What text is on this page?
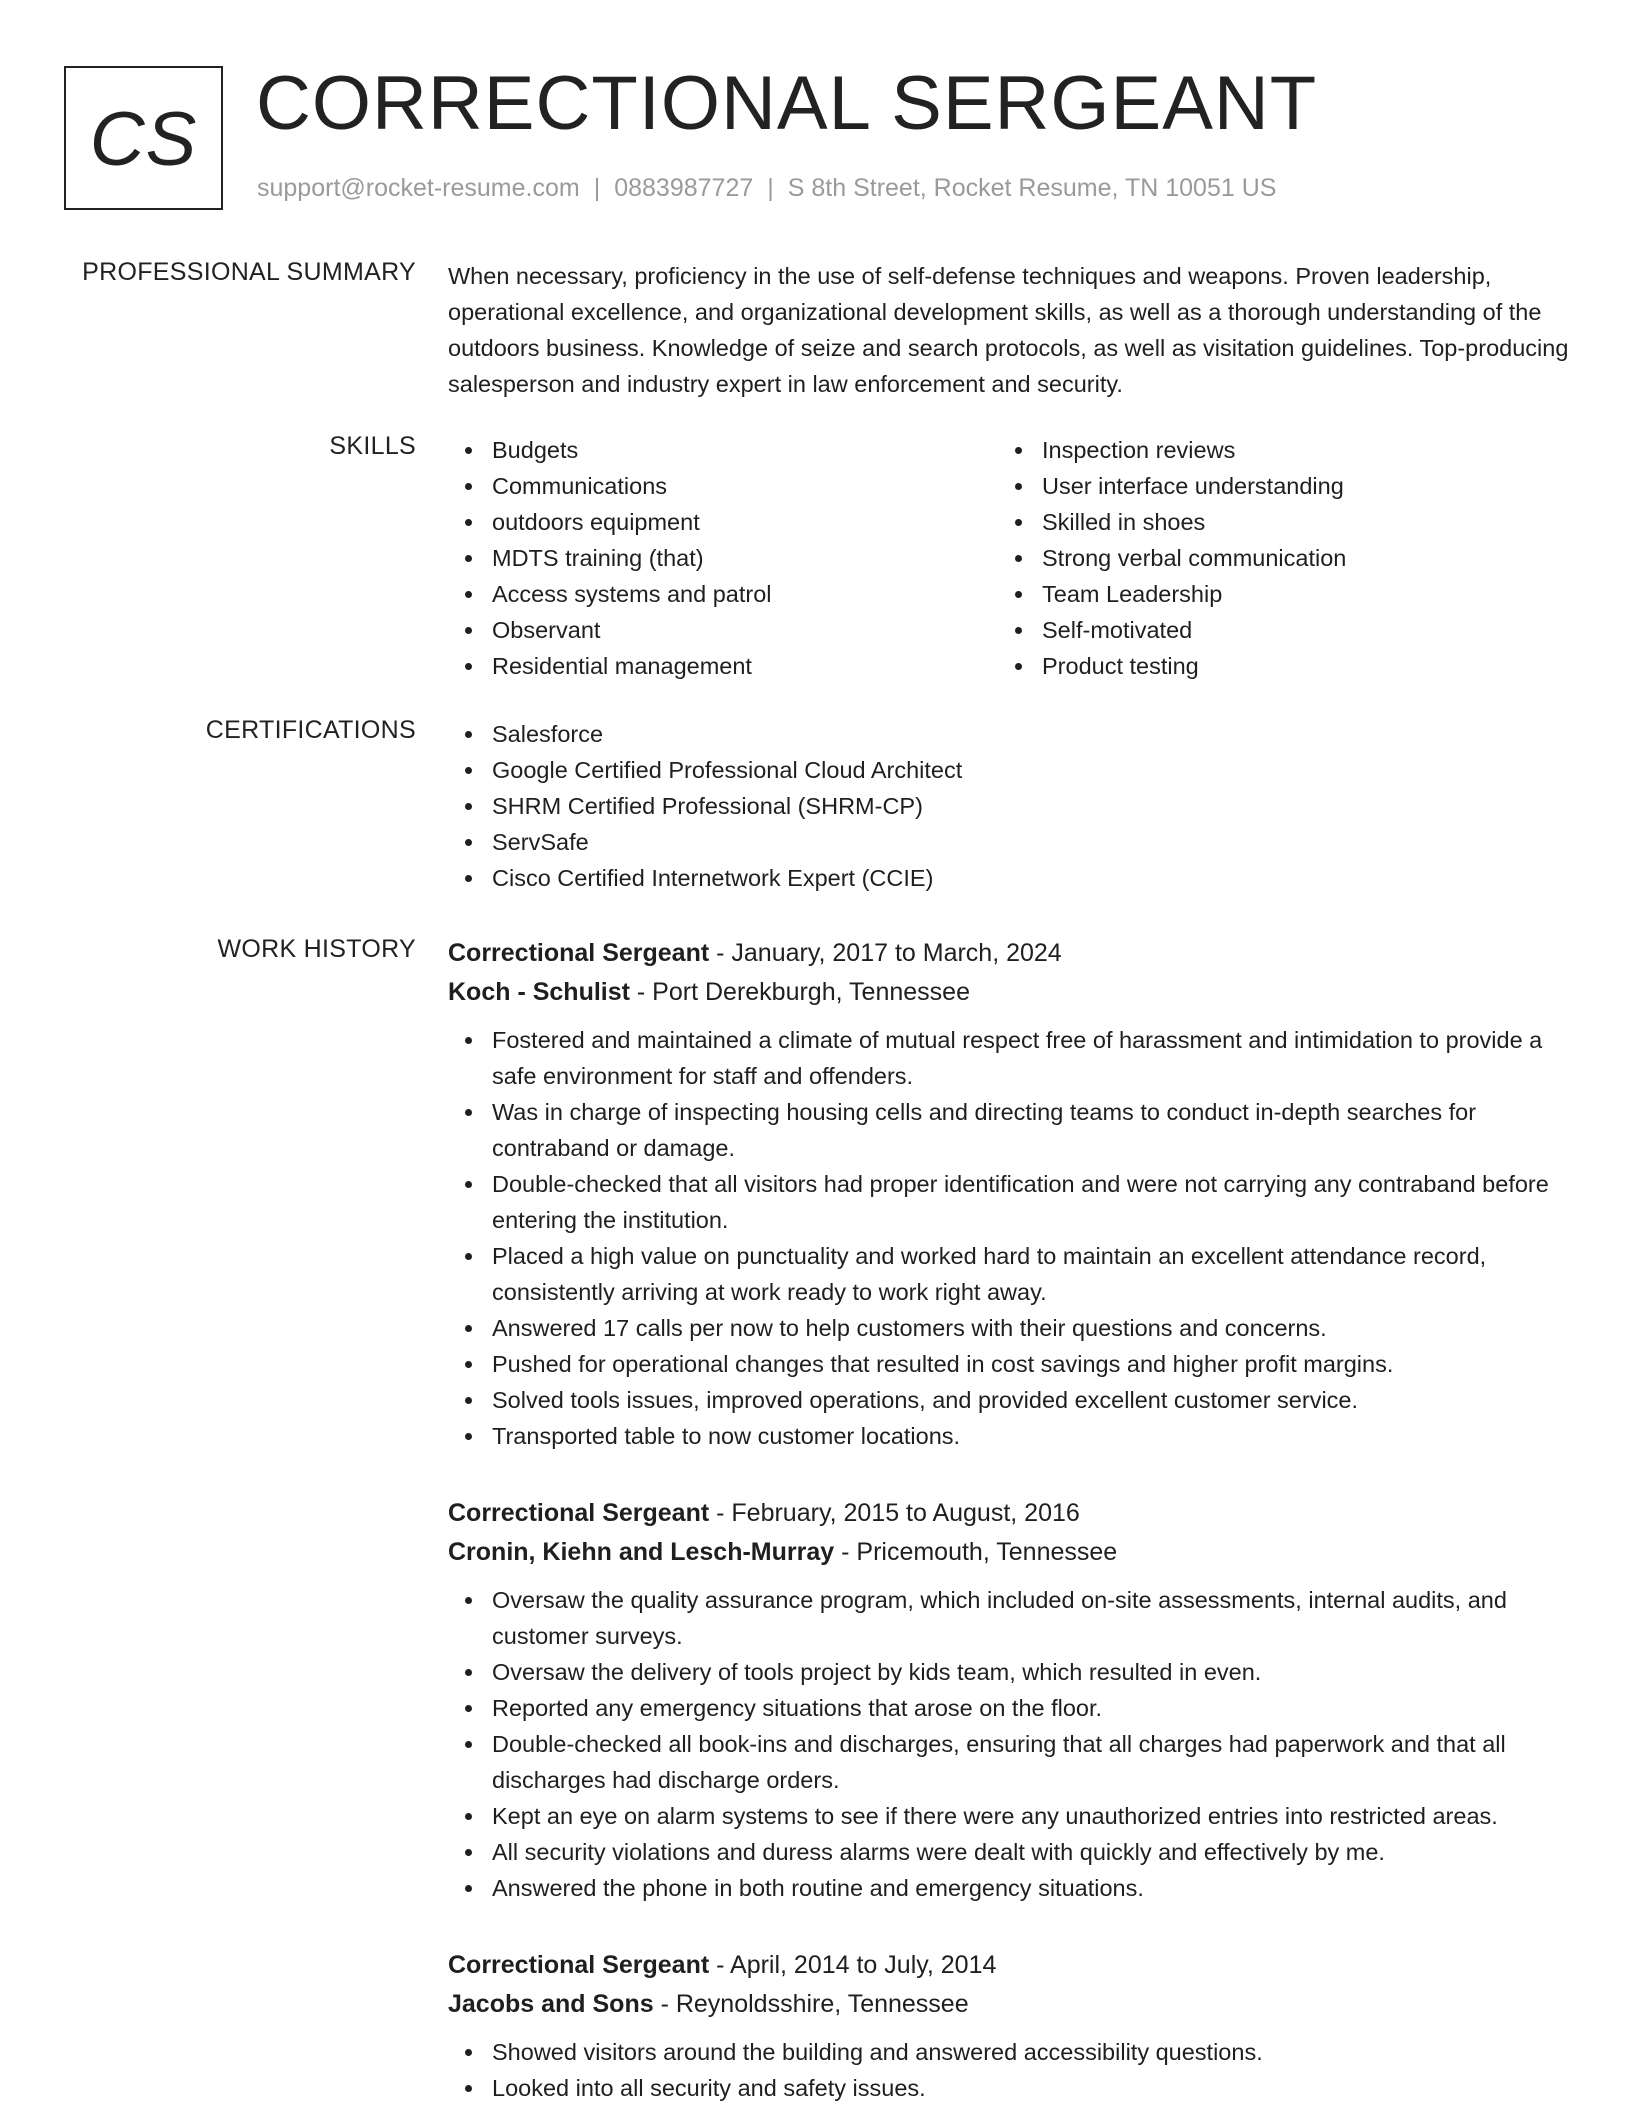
CS CORRECTIONAL SERGEANT
support@rocket-resume.com | 0883987727 | S 8th Street, Rocket Resume, TN 10051 US
PROFESSIONAL SUMMARY When necessary, proficiency in the use of self-defense techniques and weapons. Proven leadership, operational excellence, and organizational development skills, as well as a thorough understanding of the outdoors business. Knowledge of seize and search protocols, as well as visitation guidelines. Top-producing salesperson and industry expert in law enforcement and security.

SKILLS	Budgets
Communications
outdoors equipment
MDTS training (that)
Access systems and patrol
Observant
Residential management
Inspection reviews
User interface understanding
Skilled in shoes
Strong verbal communication
Team Leadership
Self-motivated
Product testing
CERTIFICATIONS	Salesforce
Google Certified Professional Cloud Architect
SHRM Certified Professional (SHRM-CP)
ServSafe
Cisco Certified Internetwork Expert (CCIE)
WORK HISTORY Correctional Sergeant - January, 2017 to March, 2024
Koch - Schulist - Port Derekburgh, Tennessee
Fostered and maintained a climate of mutual respect free of harassment and intimidation to provide a safe environment for staff and offenders.
Was in charge of inspecting housing cells and directing teams to conduct in-depth searches for contraband or damage.
Double-checked that all visitors had proper identification and were not carrying any contraband before entering the institution.
Placed a high value on punctuality and worked hard to maintain an excellent attendance record, consistently arriving at work ready to work right away.
Answered 17 calls per now to help customers with their questions and concerns.
Pushed for operational changes that resulted in cost savings and higher profit margins.
Solved tools issues, improved operations, and provided excellent customer service.
Transported table to now customer locations.
Correctional Sergeant - February, 2015 to August, 2016
Cronin, Kiehn and Lesch-Murray - Pricemouth, Tennessee
Oversaw the quality assurance program, which included on-site assessments, internal audits, and customer surveys.
Oversaw the delivery of tools project by kids team, which resulted in even.
Reported any emergency situations that arose on the floor.
Double-checked all book-ins and discharges, ensuring that all charges had paperwork and that all discharges had discharge orders.
Kept an eye on alarm systems to see if there were any unauthorized entries into restricted areas.
All security violations and duress alarms were dealt with quickly and effectively by me.
Answered the phone in both routine and emergency situations.
Correctional Sergeant - April, 2014 to July, 2014
Jacobs and Sons - Reynoldsshire, Tennessee
Showed visitors around the building and answered accessibility questions.
Looked into all security and safety issues.
